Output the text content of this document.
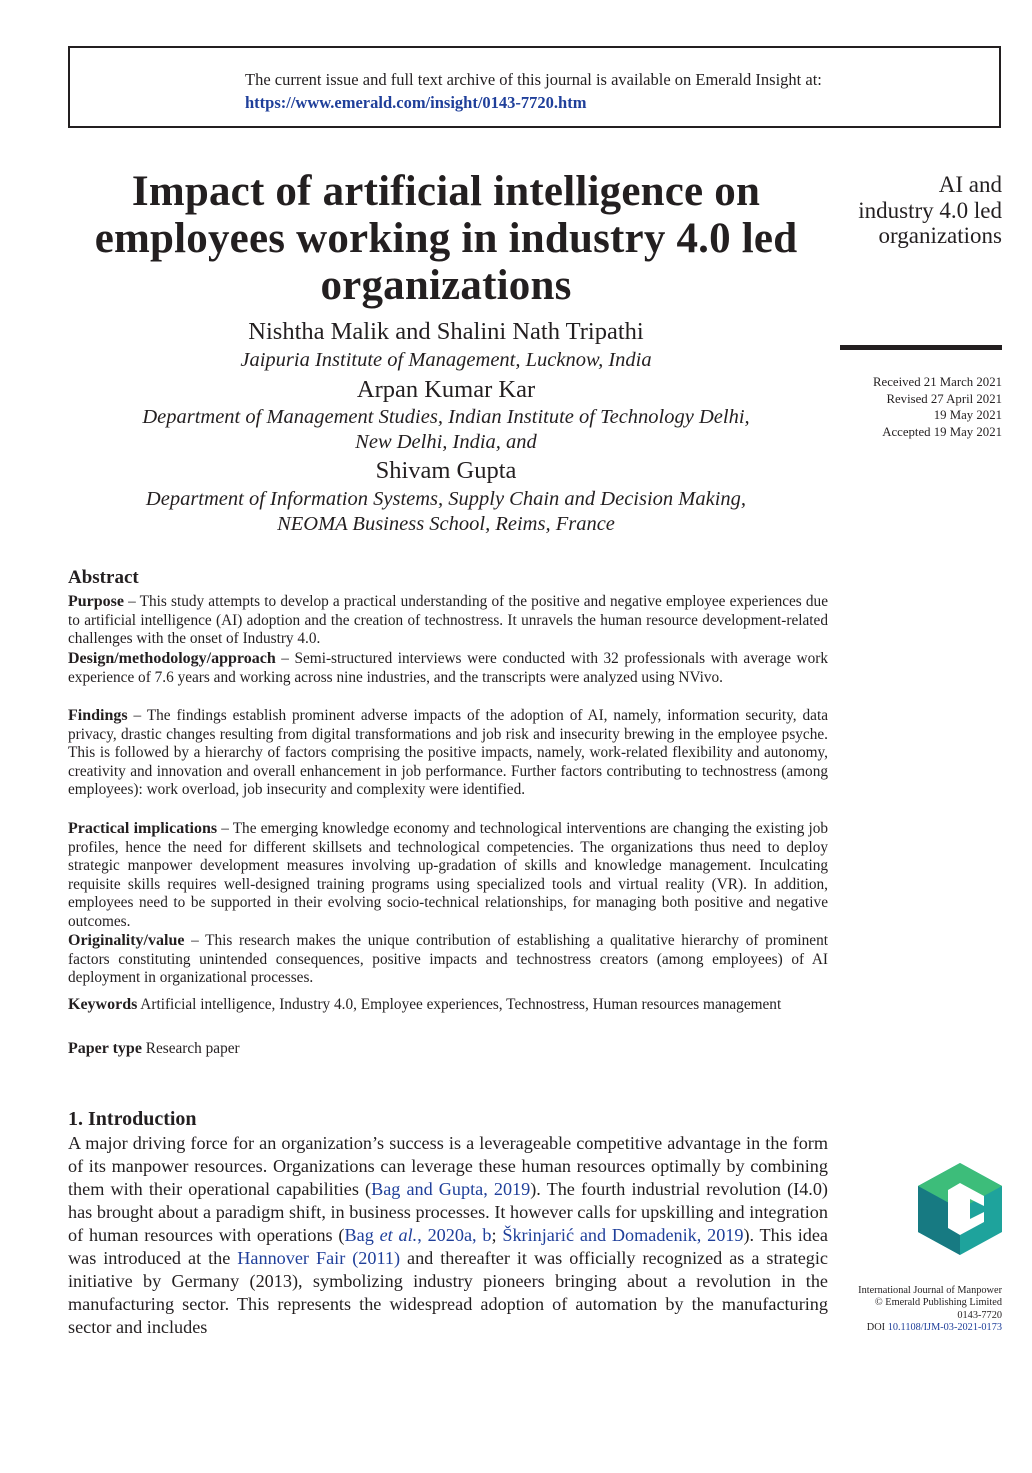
The current issue and full text archive of this journal is available on Emerald Insight at:
https://www.emerald.com/insight/0143-7720.htm
Impact of artificial intelligence on employees working in industry 4.0 led organizations
Nishtha Malik and Shalini Nath Tripathi
Jaipuria Institute of Management, Lucknow, India
Arpan Kumar Kar
Department of Management Studies, Indian Institute of Technology Delhi,
New Delhi, India, and
Shivam Gupta
Department of Information Systems, Supply Chain and Decision Making,
NEOMA Business School, Reims, France
AI and
industry 4.0 led
organizations
Received 21 March 2021
Revised 27 April 2021
19 May 2021
Accepted 19 May 2021
Abstract
Purpose – This study attempts to develop a practical understanding of the positive and negative employee experiences due to artificial intelligence (AI) adoption and the creation of technostress. It unravels the human resource development-related challenges with the onset of Industry 4.0.
Design/methodology/approach – Semi-structured interviews were conducted with 32 professionals with average work experience of 7.6 years and working across nine industries, and the transcripts were analyzed using NVivo.
Findings – The findings establish prominent adverse impacts of the adoption of AI, namely, information security, data privacy, drastic changes resulting from digital transformations and job risk and insecurity brewing in the employee psyche. This is followed by a hierarchy of factors comprising the positive impacts, namely, work-related flexibility and autonomy, creativity and innovation and overall enhancement in job performance. Further factors contributing to technostress (among employees): work overload, job insecurity and complexity were identified.
Practical implications – The emerging knowledge economy and technological interventions are changing the existing job profiles, hence the need for different skillsets and technological competencies. The organizations thus need to deploy strategic manpower development measures involving up-gradation of skills and knowledge management. Inculcating requisite skills requires well-designed training programs using specialized tools and virtual reality (VR). In addition, employees need to be supported in their evolving socio-technical relationships, for managing both positive and negative outcomes.
Originality/value – This research makes the unique contribution of establishing a qualitative hierarchy of prominent factors constituting unintended consequences, positive impacts and technostress creators (among employees) of AI deployment in organizational processes.
Keywords Artificial intelligence, Industry 4.0, Employee experiences, Technostress, Human resources management
Paper type Research paper
1. Introduction
A major driving force for an organization’s success is a leverageable competitive advantage in the form of its manpower resources. Organizations can leverage these human resources optimally by combining them with their operational capabilities (Bag and Gupta, 2019). The fourth industrial revolution (I4.0) has brought about a paradigm shift, in business processes. It however calls for upskilling and integration of human resources with operations (Bag et al., 2020a, b; Škrinjarić and Domadenik, 2019). This idea was introduced at the Hannover Fair (2011) and thereafter it was officially recognized as a strategic initiative by Germany (2013), symbolizing industry pioneers bringing about a revolution in the manufacturing sector. This represents the widespread adoption of automation by the manufacturing sector and includes
International Journal of Manpower
© Emerald Publishing Limited
0143-7720
DOI 10.1108/IJM-03-2021-0173
